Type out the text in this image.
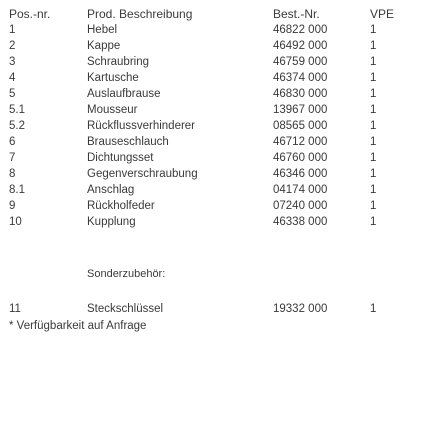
Pos.-nr.	Prod. Beschreibung	Best.-Nr.	VPE
1	Hebel	46822 000	1
2	Kappe	46492 000	1
3	Schraubring	46759 000	1
4	Kartusche	46374 000	1
5	Auslaufbrause	46830 000	1
5.1	Mousseur	13967 000	1
5.2	Rückflussverhinderer	08565 000	1
6	Brauseschlauch	46712 000	1
7	Dichtungsset	46760 000	1
8	Gegenverschraubung	46346 000	1
8.1	Anschlag	04174 000	1
9	Rückholfeder	07240 000	1
10	Kupplung	46338 000	1
Sonderzubehör:
11	Steckschlüssel	19332 000	1
* Verfügbarkeit auf Anfrage
